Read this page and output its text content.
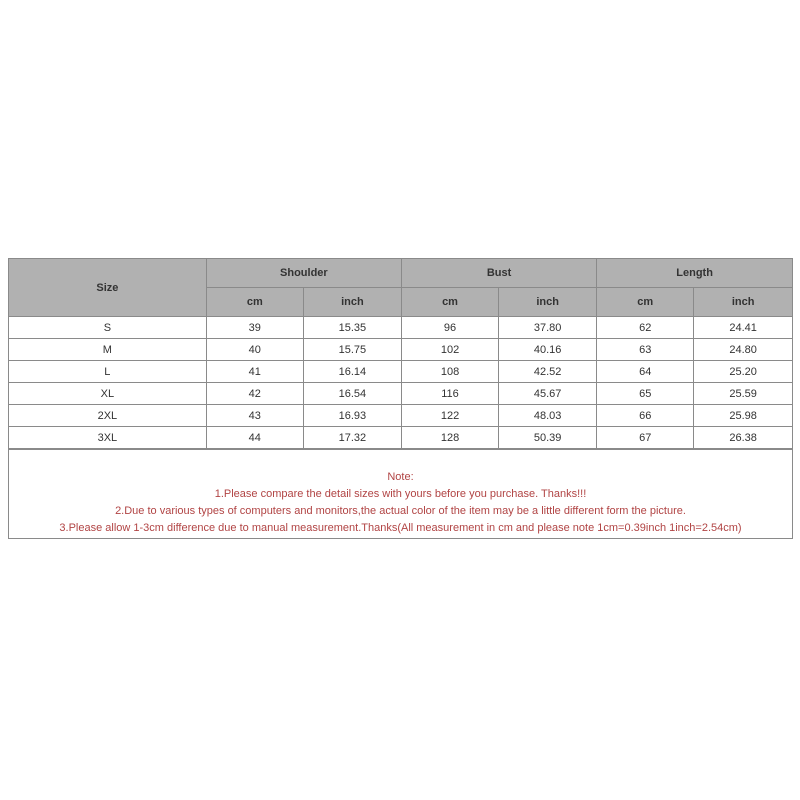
Size	Shoulder		Bust		Length	
	cm	inch	cm	inch	cm	inch
S	39	15.35	96	37.80	62	24.41
M	40	15.75	102	40.16	63	24.80
L	41	16.14	108	42.52	64	25.20
XL	42	16.54	116	45.67	65	25.59
2XL	43	16.93	122	48.03	66	25.98
3XL	44	17.32	128	50.39	67	26.38
Note:
1.Please compare the detail sizes with yours before you purchase. Thanks!!!
2.Due to various types of computers and monitors,the actual color of the item may be a little different form the picture.
3.Please allow 1-3cm difference due to manual measurement.Thanks(All measurement in cm and please note 1cm=0.39inch 1inch=2.54cm)
